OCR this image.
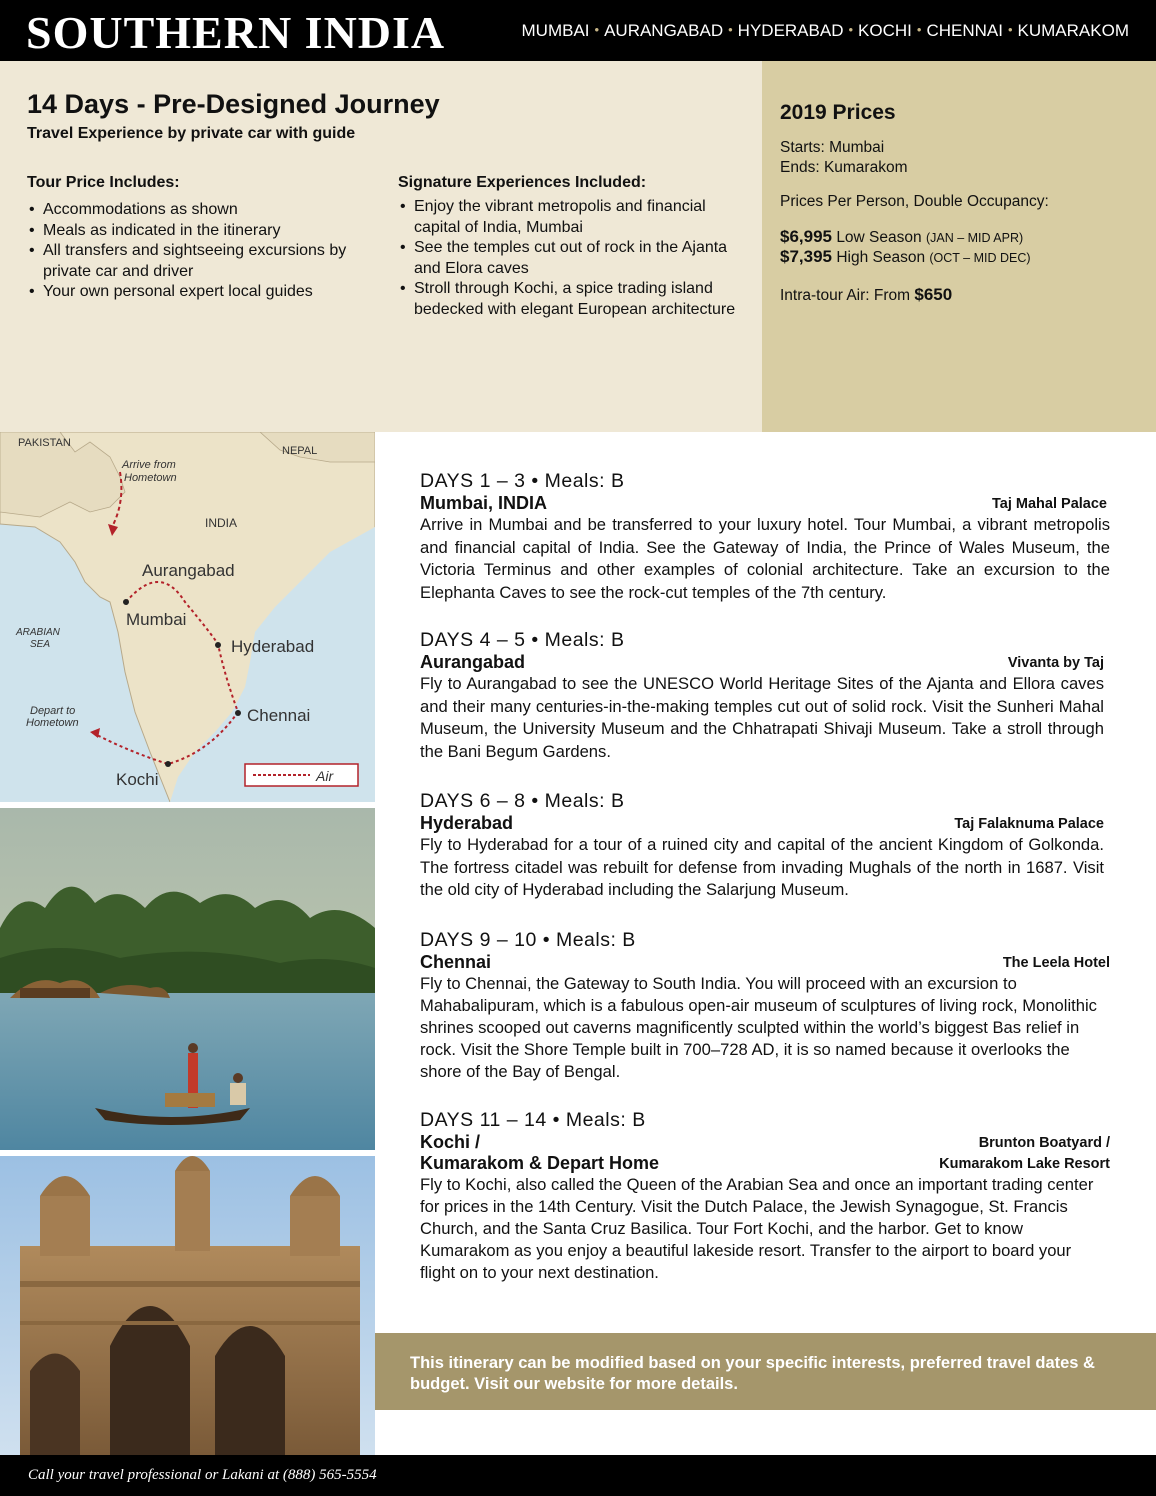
SOUTHERN INDIA	MUMBAI • AURANGABAD • HYDERABAD • KOCHI • CHENNAI • KUMARAKOM
14 Days - Pre-Designed Journey
Travel Experience by private car with guide
Tour Price Includes:
• Accommodations as shown
• Meals as indicated in the itinerary
• All transfers and sightseeing excursions by private car and driver
• Your own personal expert local guides
Signature Experiences Included:
• Enjoy the vibrant metropolis and financial capital of India, Mumbai
• See the temples cut out of rock in the Ajanta and Elora caves
• Stroll through Kochi, a spice trading island bedecked with elegant European architecture
2019 Prices
Starts: Mumbai
Ends: Kumarakom
Prices Per Person, Double Occupancy:
$6,995 Low Season (JAN – MID APR)
$7,395 High Season (OCT – MID DEC)
Intra-tour Air: From $650
PAKISTAN
NEPAL
INDIA
Arrive from
Hometown
ARABIAN
SEA
Depart to
Hometown
Aurangabad
Mumbai
Hyderabad
Chennai
Kochi	Air
DAYS 1 – 3 • Meals: B
Mumbai, INDIA	Taj Mahal Palace
Arrive in Mumbai and be transferred to your luxury hotel. Tour Mumbai, a vibrant metropolis and financial capital of India. See the Gateway of India, the Prince of Wales Museum, the Victoria Terminus and other examples of colonial architecture. Take an excursion to the Elephanta Caves to see the rock-cut temples of the 7th century.
DAYS 4 – 5 • Meals: B
Aurangabad	Vivanta by Taj
Fly to Aurangabad to see the UNESCO World Heritage Sites of the Ajanta and Ellora caves and their many centuries-in-the-making temples cut out of solid rock. Visit the Sunheri Mahal Museum, the University Museum and the Chhatrapati Shivaji Museum. Take a stroll through the Bani Begum Gardens.
DAYS 6 – 8 • Meals: B
Hyderabad	Taj Falaknuma Palace
Fly to Hyderabad for a tour of a ruined city and capital of the ancient Kingdom of Golkonda. The fortress citadel was rebuilt for defense from invading Mughals of the north in 1687. Visit the old city of Hyderabad including the Salarjung Museum.
DAYS 9 – 10 • Meals: B
Chennai	The Leela Hotel
Fly to Chennai, the Gateway to South India. You will proceed with an excursion to Mahabalipuram, which is a fabulous open-air museum of sculptures of living rock, Monolithic shrines scooped out caverns magnificently sculpted within the world’s biggest Bas relief in rock. Visit the Shore Temple built in 700–728 AD, it is so named because it overlooks the shore of the Bay of Bengal.
DAYS 11 – 14 • Meals: B
Kochi /	Brunton Boatyard /
Kumarakom & Depart Home	Kumarakom Lake Resort
Fly to Kochi, also called the Queen of the Arabian Sea and once an important trading center for prices in the 14th Century. Visit the Dutch Palace, the Jewish Synagogue, St. Francis Church, and the Santa Cruz Basilica. Tour Fort Kochi, and the harbor. Get to know Kumarakom as you enjoy a beautiful lakeside resort. Transfer to the airport to board your flight on to your next destination.

This itinerary can be modified based on your specific interests, preferred travel dates & budget. Visit our website for more details.

Call your travel professional or Lakani at (888) 565-5554
